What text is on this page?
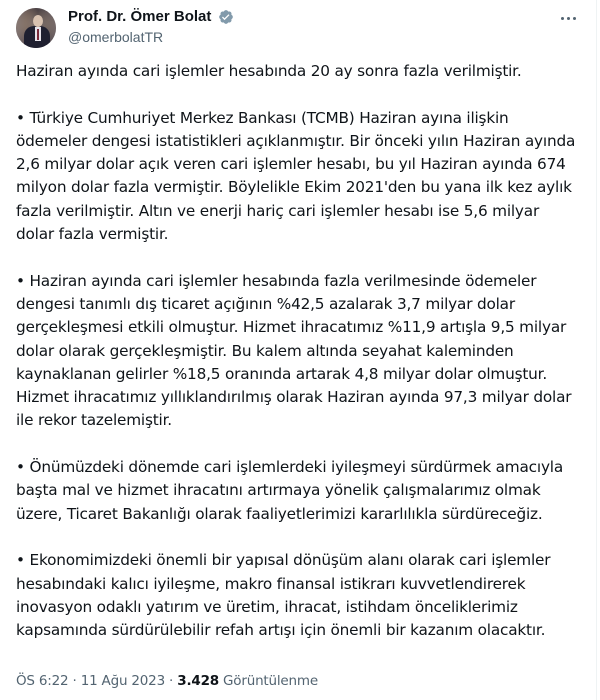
Prof. Dr. Ömer Bolat
@omerbolatTR

Haziran ayında cari işlemler hesabında 20 ay sonra fazla verilmiştir.

• Türkiye Cumhuriyet Merkez Bankası (TCMB) Haziran ayına ilişkin ödemeler dengesi istatistikleri açıklanmıştır. Bir önceki yılın Haziran ayında 2,6 milyar dolar açık veren cari işlemler hesabı, bu yıl Haziran ayında 674 milyon dolar fazla vermiştir. Böylelikle Ekim 2021'den bu yana ilk kez aylık fazla verilmiştir. Altın ve enerji hariç cari işlemler hesabı ise 5,6 milyar dolar fazla vermiştir.

• Haziran ayında cari işlemler hesabında fazla verilmesinde ödemeler dengesi tanımlı dış ticaret açığının %42,5 azalarak 3,7 milyar dolar gerçekleşmesi etkili olmuştur. Hizmet ihracatımız %11,9 artışla 9,5 milyar dolar olarak gerçekleşmiştir. Bu kalem altında seyahat kaleminden kaynaklanan gelirler %18,5 oranında artarak 4,8 milyar dolar olmuştur. Hizmet ihracatımız yıllıklandırılmış olarak Haziran ayında 97,3 milyar dolar ile rekor tazelemiştir.

• Önümüzdeki dönemde cari işlemlerdeki iyileşmeyi sürdürmek amacıyla başta mal ve hizmet ihracatını artırmaya yönelik çalışmalarımız olmak üzere, Ticaret Bakanlığı olarak faaliyetlerimizi kararlılıkla sürdüreceğiz.

• Ekonomimizdeki önemli bir yapısal dönüşüm alanı olarak cari işlemler hesabındaki kalıcı iyileşme, makro finansal istikrarı kuvvetlendirerek inovasyon odaklı yatırım ve üretim, ihracat, istihdam önceliklerimiz kapsamında sürdürülebilir refah artışı için önemli bir kazanım olacaktır.

ÖS 6:22 · 11 Ağu 2023 · 3.428 Görüntülenme
